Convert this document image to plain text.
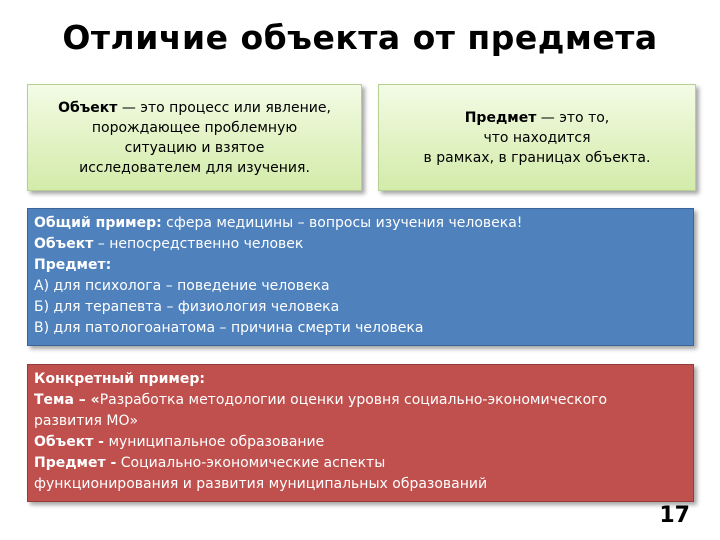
Отличие объекта от предмета
Объект — это процесс или явление,
порождающее проблемную
ситуацию и взятое
исследователем для изучения.
Предмет — это то,
что находится
в рамках, в границах объекта.
Общий пример: сфера медицины – вопросы изучения человека!
Объект – непосредственно человек
Предмет:
А) для психолога – поведение человека
Б) для терапевта – физиология человека
В) для патологоанатома – причина смерти человека
Конкретный пример:
Тема – «Разработка методологии оценки уровня социально-экономического
развития МО»
Объект - муниципальное образование
Предмет - Социально-экономические аспекты
функционирования и развития муниципальных образований
17
